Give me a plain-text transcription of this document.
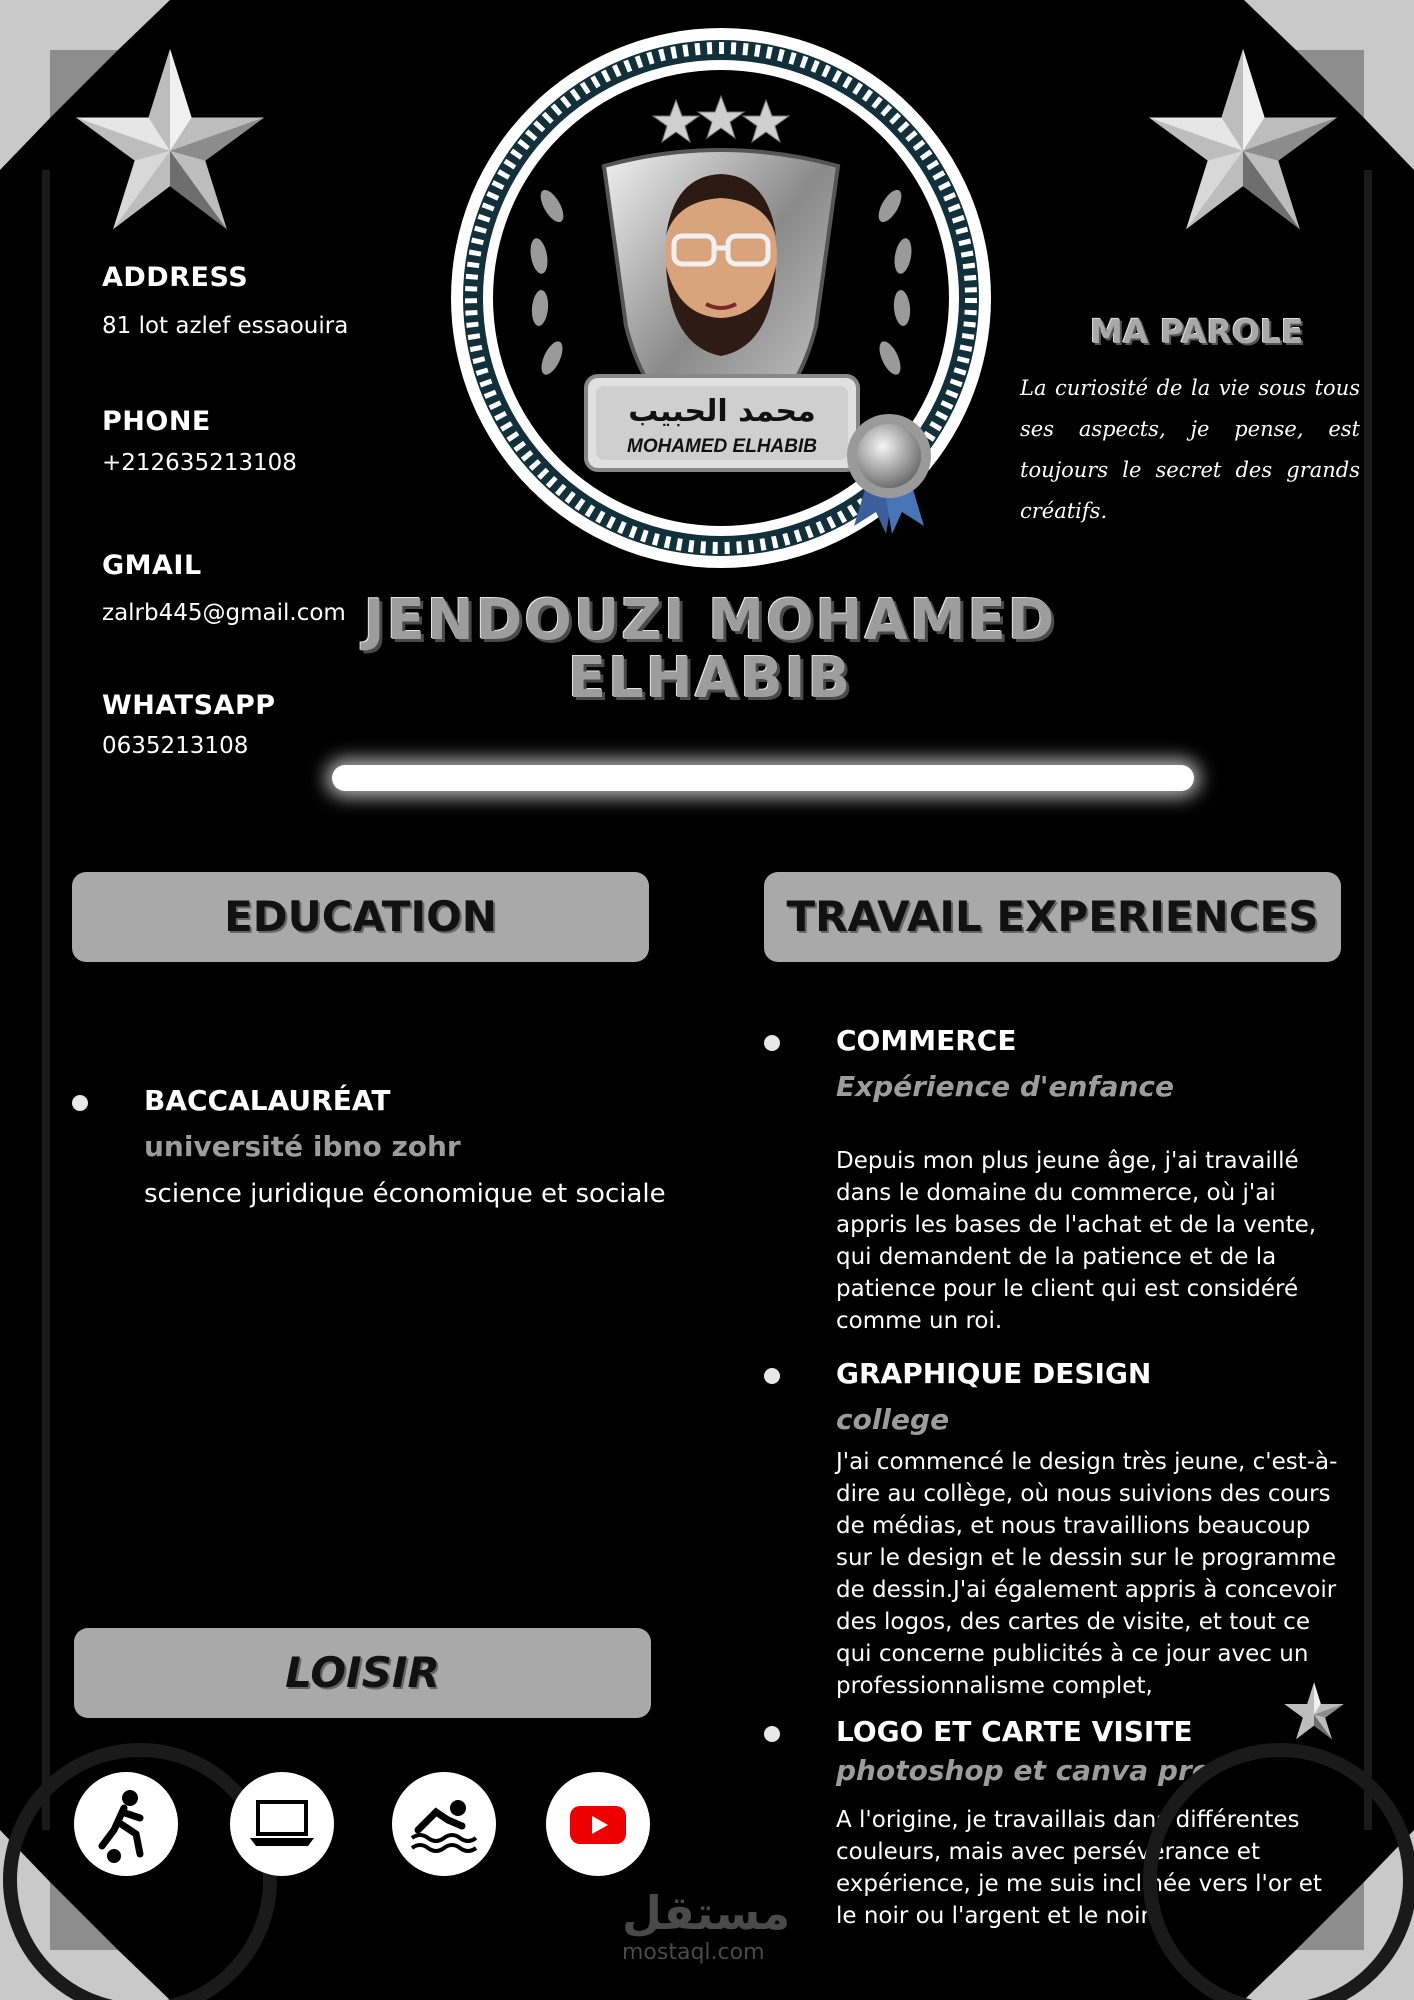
ADDRESS
81 lot azlef essaouira
PHONE
+212635213108
GMAIL
zalrb445@gmail.com
WHATSAPP
0635213108
محمد الحبيب
MOHAMED ELHABIB
MA PAROLE
La curiosité de la vie sous tous ses aspects, je pense, est toujours le secret des grands créatifs.
JENDOUZI MOHAMED
ELHABIB
EDUCATION
BACCALAURÉAT
université ibno zohr
science juridique économique et sociale
TRAVAIL EXPERIENCES
COMMERCE
Expérience d'enfance
Depuis mon plus jeune âge, j'ai travaillé dans le domaine du commerce, où j'ai appris les bases de l'achat et de la vente, qui demandent de la patience et de la patience pour le client qui est considéré comme un roi.
GRAPHIQUE DESIGN
college
J'ai commencé le design très jeune, c'est-à-dire au collège, où nous suivions des cours de médias, et nous travaillions beaucoup sur le design et le dessin sur le programme de dessin.J'ai également appris à concevoir des logos, des cartes de visite, et tout ce qui concerne publicités à ce jour avec un professionnalisme complet,
LOGO ET CARTE VISITE
photoshop et canva pro
A l'origine, je travaillais dans différentes couleurs, mais avec persévérance et expérience, je me suis inclinée vers l'or et le noir ou l'argent et le noir
LOISIR
مستقل
mostaql.com
